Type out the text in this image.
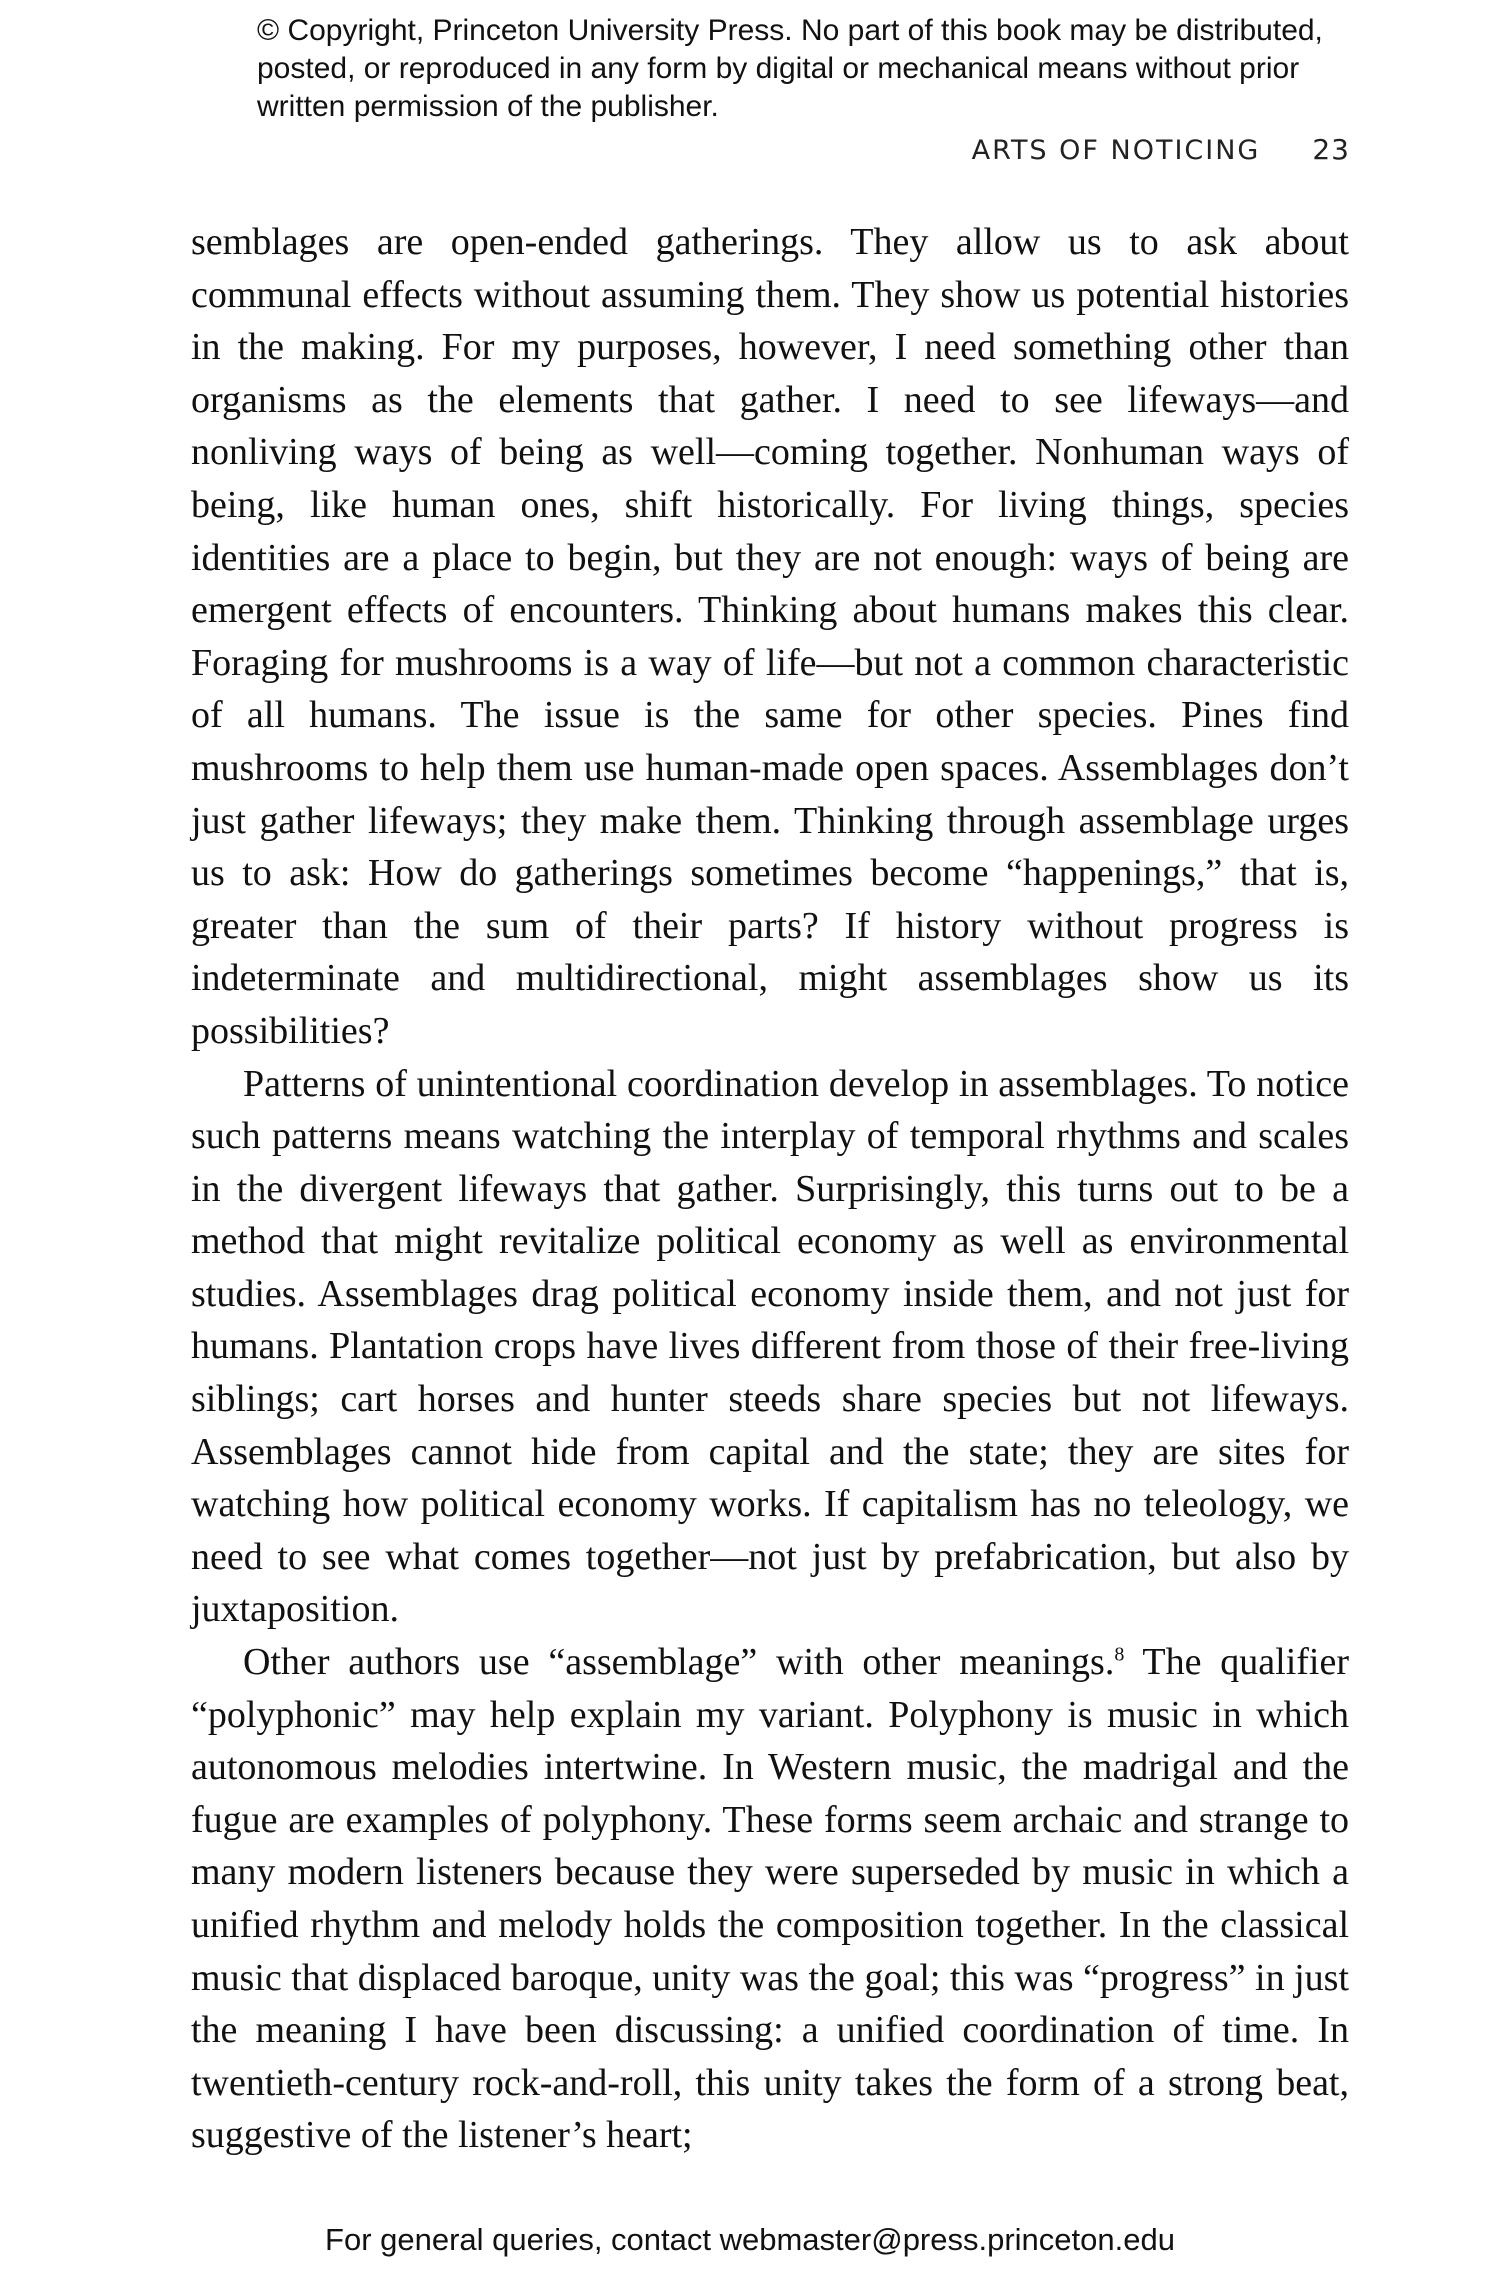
© Copyright, Princeton University Press. No part of this book may be distributed, posted, or reproduced in any form by digital or mechanical means without prior written permission of the publisher.

ARTS OF NOTICING 23

semblages are open-ended gatherings. They allow us to ask about communal effects without assuming them. They show us potential histories in the making. For my purposes, however, I need something other than organisms as the elements that gather. I need to see lifeways—and nonliving ways of being as well—coming together. Nonhuman ways of being, like human ones, shift historically. For living things, species identities are a place to begin, but they are not enough: ways of being are emergent effects of encounters. Thinking about humans makes this clear. Foraging for mushrooms is a way of life—but not a common characteristic of all humans. The issue is the same for other species. Pines find mushrooms to help them use human-made open spaces. Assemblages don’t just gather lifeways; they make them. Thinking through assemblage urges us to ask: How do gatherings sometimes become “happenings,” that is, greater than the sum of their parts? If history without progress is indeterminate and multidirectional, might assemblages show us its possibilities?

Patterns of unintentional coordination develop in assemblages. To notice such patterns means watching the interplay of temporal rhythms and scales in the divergent lifeways that gather. Surprisingly, this turns out to be a method that might revitalize political economy as well as environmental studies. Assemblages drag political economy inside them, and not just for humans. Plantation crops have lives different from those of their free-living siblings; cart horses and hunter steeds share species but not lifeways. Assemblages cannot hide from capital and the state; they are sites for watching how political economy works. If capitalism has no teleology, we need to see what comes together—not just by prefabrication, but also by juxtaposition.

Other authors use “assemblage” with other meanings.$^8$ The qualifier “polyphonic” may help explain my variant. Polyphony is music in which autonomous melodies intertwine. In Western music, the madrigal and the fugue are examples of polyphony. These forms seem archaic and strange to many modern listeners because they were superseded by music in which a unified rhythm and melody holds the composition together. In the classical music that displaced baroque, unity was the goal; this was “progress” in just the meaning I have been discussing: a unified coordination of time. In twentieth-century rock-and-roll, this unity takes the form of a strong beat, suggestive of the listener’s heart;

For general queries, contact webmaster@press.princeton.edu
